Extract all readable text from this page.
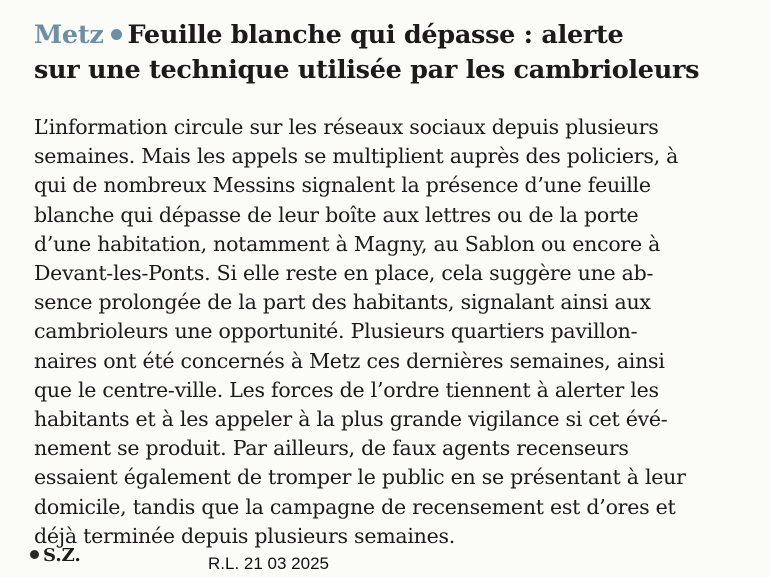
Metz Feuille blanche qui dépasse : alerte
sur une technique utilisée par les cambrioleurs
L’information circule sur les réseaux sociaux depuis plusieurs
semaines. Mais les appels se multiplient auprès des policiers, à
qui de nombreux Messins signalent la présence d’une feuille
blanche qui dépasse de leur boîte aux lettres ou de la porte
d’une habitation, notamment à Magny, au Sablon ou encore à
Devant-les-Ponts. Si elle reste en place, cela suggère une ab-
sence prolongée de la part des habitants, signalant ainsi aux
cambrioleurs une opportunité. Plusieurs quartiers pavillon-
naires ont été concernés à Metz ces dernières semaines, ainsi
que le centre-ville. Les forces de l’ordre tiennent à alerter les
habitants et à les appeler à la plus grande vigilance si cet évé-
nement se produit. Par ailleurs, de faux agents recenseurs
essaient également de tromper le public en se présentant à leur
domicile, tandis que la campagne de recensement est d’ores et
déjà terminée depuis plusieurs semaines.
S.Z.	R.L. 21 03 2025
